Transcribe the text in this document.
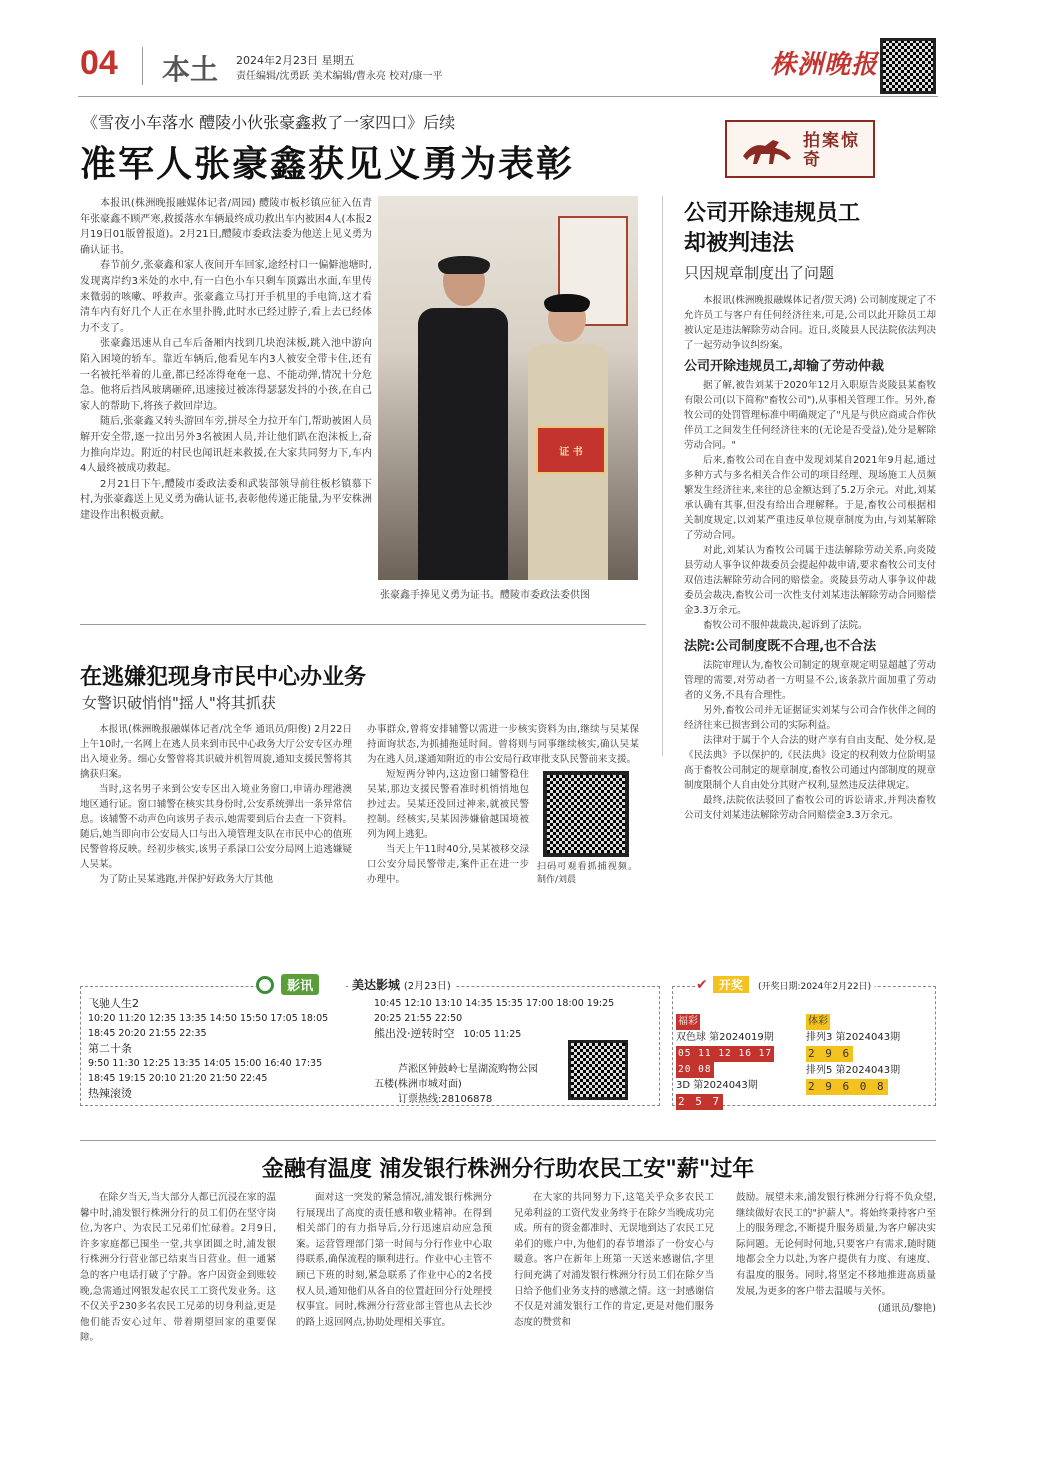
04 本土 2024年2月23日 星期五
责任编辑/沈勇跃 美术编辑/曹永亮 校对/康一平	株洲晚报
《雪夜小车落水 醴陵小伙张豪鑫救了一家四口》后续
准军人张豪鑫获见义勇为表彰

本报讯(株洲晚报融媒体记者/周园) 醴陵市板杉镇应征入伍青年张豪鑫不顾严寒,救援落水车辆最终成功救出车内被困4人(本报2月19日01版曾报道)。2月21日,醴陵市委政法委为他送上见义勇为确认证书。

春节前夕,张豪鑫和家人夜间开车回家,途经村口一偏僻池塘时,发现离岸约3米处的水中,有一白色小车只剩车顶露出水面,车里传来微弱的咳嗽、呼救声。张豪鑫立马打开手机里的手电筒,这才看清车内有好几个人正在水里扑腾,此时水已经过脖子,看上去已经体力不支了。

张豪鑫迅速从自己车后备厢内找到几块泡沫板,跳入池中游向陷入困境的轿车。靠近车辆后,他看见车内3人被安全带卡住,还有一名被托举着的儿童,都已经冻得奄奄一息、不能动弹,情况十分危急。他将后挡风玻璃砸碎,迅速接过被冻得瑟瑟发抖的小孩,在自己家人的帮助下,将孩子救回岸边。

随后,张豪鑫又转头游回车旁,拼尽全力拉开车门,帮助被困人员解开安全带,逐一拉出另外3名被困人员,并让他们趴在泡沫板上,奋力推向岸边。附近的村民也闻讯赶来救援,在大家共同努力下,车内4人最终被成功救起。

2月21日下午,醴陵市委政法委和武装部领导前往板杉镇慕下村,为张豪鑫送上见义勇为确认证书,表彰他传递正能量,为平安株洲建设作出积极贡献。

证 书
张豪鑫手捧见义勇为证书。醴陵市委政法委供图
拍案惊奇
公司开除违规员工
却被判违法
只因规章制度出了问题

本报讯(株洲晚报融媒体记者/贺天鸿) 公司制度规定了不允许员工与客户有任何经济往来,可是,公司以此开除员工却被认定是违法解除劳动合同。近日,炎陵县人民法院依法判决了一起劳动争议纠纷案。

公司开除违规员工,却输了劳动仲裁

据了解,被告刘某于2020年12月入职原告炎陵县某畜牧有限公司(以下简称"畜牧公司"),从事相关管理工作。另外,畜牧公司的处罚管理标准中明确规定了"凡是与供应商或合作伙伴员工之间发生任何经济往来的(无论是否受益),处分是解除劳动合同。"

后来,畜牧公司在自查中发现刘某自2021年9月起,通过多种方式与多名相关合作公司的项目经理、现场施工人员频繁发生经济往来,来往的总金额达到了5.2万余元。对此,刘某承认确有其事,但没有给出合理解释。于是,畜牧公司根据相关制度规定,以刘某严重违反单位规章制度为由,与刘某解除了劳动合同。

对此,刘某认为畜牧公司属于违法解除劳动关系,向炎陵县劳动人事争议仲裁委员会提起仲裁申请,要求畜牧公司支付双倍违法解除劳动合同的赔偿金。炎陵县劳动人事争议仲裁委员会裁决,畜牧公司一次性支付刘某违法解除劳动合同赔偿金3.3万余元。

畜牧公司不服仲裁裁决,起诉到了法院。

法院:公司制度既不合理,也不合法

法院审理认为,畜牧公司制定的规章规定明显超越了劳动管理的需要,对劳动者一方明显不公,该条款片面加重了劳动者的义务,不具有合理性。

另外,畜牧公司并无证据证实刘某与公司合作伙伴之间的经济往来已损害到公司的实际利益。

法律对于属于个人合法的财产享有自由支配、处分权,是《民法典》予以保护的,《民法典》设定的权利效力位阶明显高于畜牧公司制定的规章制度,畜牧公司通过内部制度的规章制度限制个人自由处分其财产权利,显然违反法律规定。

最终,法院依法驳回了畜牧公司的诉讼请求,并判决畜牧公司支付刘某违法解除劳动合同赔偿金3.3万余元。

在逃嫌犯现身市民中心办业务
女警识破悄悄"摇人"将其抓获

本报讯(株洲晚报融媒体记者/沈全华 通讯员/阳俊) 2月22日上午10时,一名网上在逃人员来到市民中心政务大厅公安专区办理出入境业务。细心女警曾将其识破并机智周旋,通知支援民警将其擒获归案。

当时,这名男子来到公安专区出入境业务窗口,申请办理港澳地区通行证。窗口辅警在核实其身份时,公安系统弹出一条异常信息。该辅警不动声色向该男子表示,她需要到后台去查一下资料。随后,她当即向市公安局人口与出入境管理支队在市民中心的值班民警曾将反映。经初步核实,该男子系渌口公安分局网上追逃嫌疑人吴某。

为了防止吴某逃跑,并保护好政务大厅其他

办事群众,曾将安排辅警以需进一步核实资料为由,继续与吴某保持面询状态,为抓捕拖延时间。曾将则与同事继续核实,确认吴某为在逃人员,遂通知附近的市公安局行政审批支队民警前来支援。

短短两分钟内,这边窗口辅警稳住吴某,那边支援民警看准时机悄悄地包抄过去。吴某还没回过神来,就被民警控制。经核实,吴某因涉嫌偷越国境被列为网上逃犯。

当天上午11时40分,吴某被移交渌口公安分局民警带走,案件正在进一步办理中。

扫码可观看抓捕视频。 制作/刘晨
影讯	美达影城 (2月23日)
飞驰人生2
10:20 11:20 12:35 13:35 14:50 15:50 17:05 18:05
18:45 20:20 21:55 22:35
第二十条
9:50 11:30 12:25 13:35 14:05 15:00 16:40 17:35
18:45 19:15 20:10 21:20 21:50 22:45
热辣滚烫
10:45 12:10 13:10 14:35 15:35 17:00 18:00 19:25
20:25 21:55 22:50
熊出没·逆转时空 10:05 11:25
芦淞区钟鼓岭七星湖流购物公园
五楼(株洲市城对面)
订票热线:28106878
✔ 开奖 (开奖日期:2024年2月22日)
福彩
双色球 第2024019期
05 11 12 16 17
20 08
3D 第2024043期
2 5 7
体彩
排列3 第2024043期
2 9 6
排列5 第2024043期
2 9 6 0 8
金融有温度 浦发银行株洲分行助农民工安"薪"过年

在除夕当天,当大部分人都已沉浸在家的温馨中时,浦发银行株洲分行的员工们仍在坚守岗位,为客户、为农民工兄弟们忙碌着。2月9日,许多家庭都已围坐一堂,共享团圆之时,浦发银行株洲分行营业部已结束当日营业。但一通紧急的客户电话打破了宁静。客户因资金到账较晚,急需通过网银发起农民工工资代发业务。这不仅关乎230多名农民工兄弟的切身利益,更是他们能否安心过年、带着期望回家的重要保障。

面对这一突发的紧急情况,浦发银行株洲分行展现出了高度的责任感和敬业精神。在得到相关部门的有力指导后,分行迅速启动应急预案。运营管理部门第一时间与分行作业中心取得联系,确保流程的顺利进行。作业中心主管不顾已下班的时刻,紧急联系了作业中心的2名授权人员,通知他们从各自的位置赶回分行处理授权事宜。同时,株洲分行营业部主管也从去长沙的路上返回网点,协助处理相关事宜。

在大家的共同努力下,这笔关乎众多农民工兄弟利益的工资代发业务终于在除夕当晚成功完成。所有的资金都准时、无误地到达了农民工兄弟们的账户中,为他们的春节增添了一份安心与暖意。客户在新年上班第一天送来感谢信,字里行间充满了对浦发银行株洲分行员工们在除夕当日给予他们业务支持的感激之情。这一封感谢信不仅是对浦发银行工作的肯定,更是对他们服务态度的赞赏和

鼓励。展望未来,浦发银行株洲分行将不负众望,继续做好农民工的"护薪人"。将始终秉持客户至上的服务理念,不断提升服务质量,为客户解决实际问题。无论何时何地,只要客户有需求,随时随地都会全力以赴,为客户提供有力度、有速度、有温度的服务。同时,将坚定不移地推进高质量发展,为更多的客户带去温暖与关怀。

(通讯员/黎艳)
